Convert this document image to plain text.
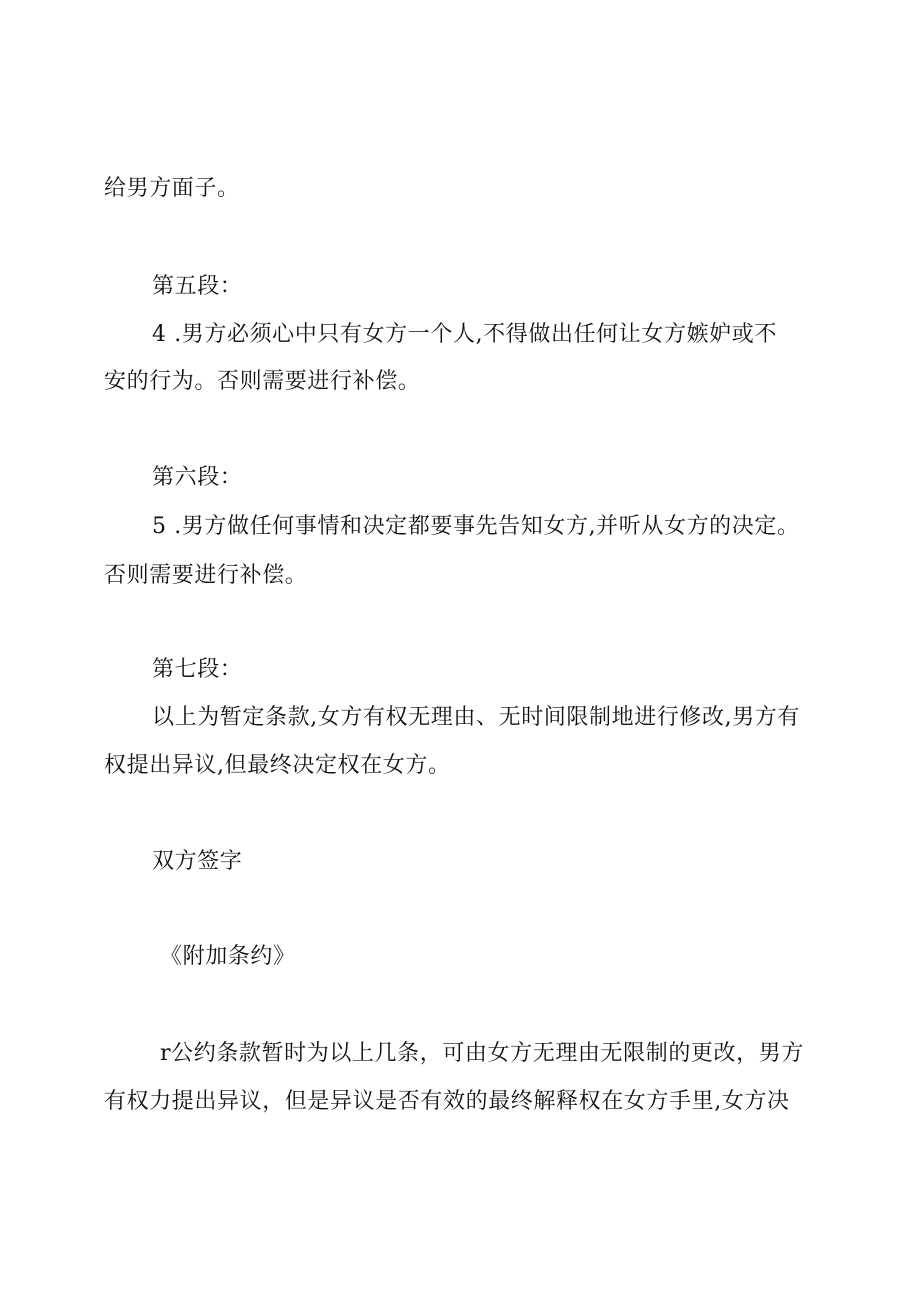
给男方面子。
第五段：
4 .男方必须心中只有女方一个人,不得做出任何让女方嫉妒或不
安的行为。否则需要进行补偿。
第六段：
5 .男方做任何事情和决定都要事先告知女方,并听从女方的决定。
否则需要进行补偿。
第七段：
以上为暂定条款,女方有权无理由、无时间限制地进行修改,男方有
权提出异议,但最终决定权在女方。
双方签字
《附加条约》
r公约条款暂时为以上几条，可由女方无理由无限制的更改，男方
有权力提出异议，但是异议是否有效的最终解释权在女方手里,女方决
